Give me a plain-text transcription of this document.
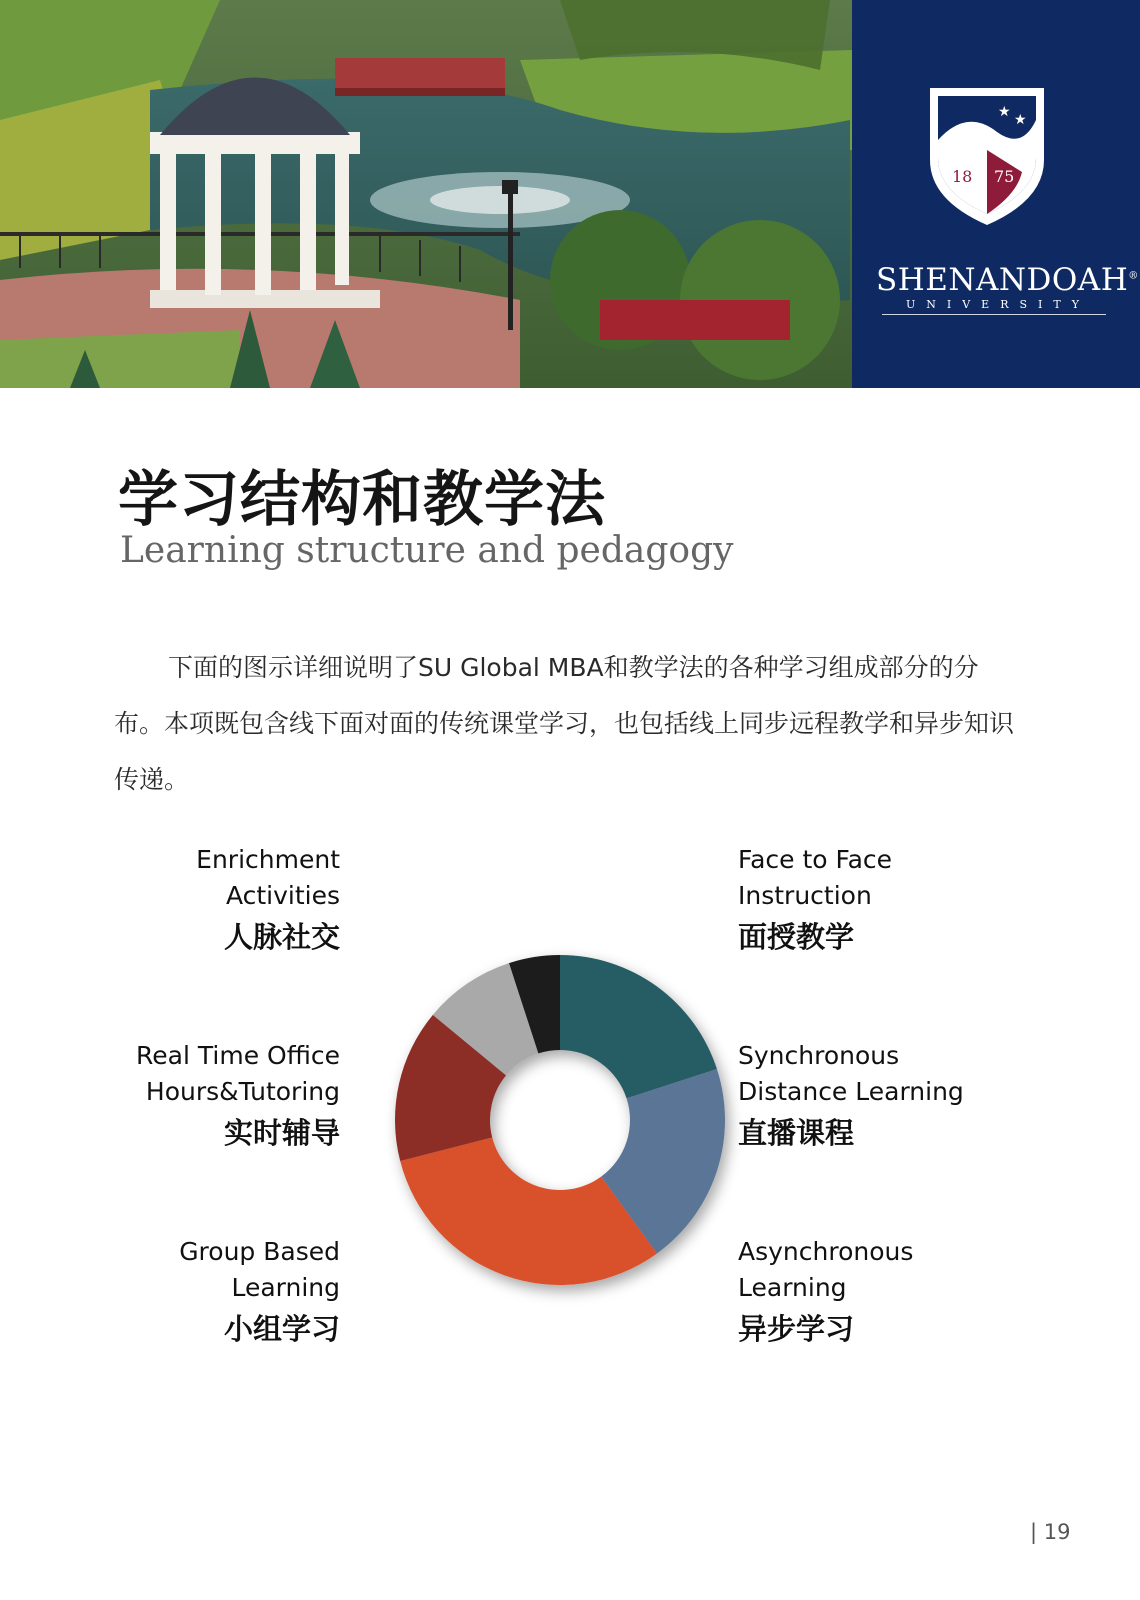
★ ★
18 75
SHENANDOAH®
UNIVERSITY
学习结构和教学法
Learning structure and pedagogy

下面的图示详细说明了SU Global MBA和教学法的各种学习组成部分的分布。本项既包含线下面对面的传统课堂学习，也包括线上同步远程教学和异步知识传递。

Enrichment
Activities
人脉社交
Real Time Office
Hours&Tutoring
实时辅导
Group Based
Learning
小组学习
Face to Face
Instruction
面授教学
Synchronous
Distance Learning
直播课程
Asynchronous
Learning
异步学习
| 19
